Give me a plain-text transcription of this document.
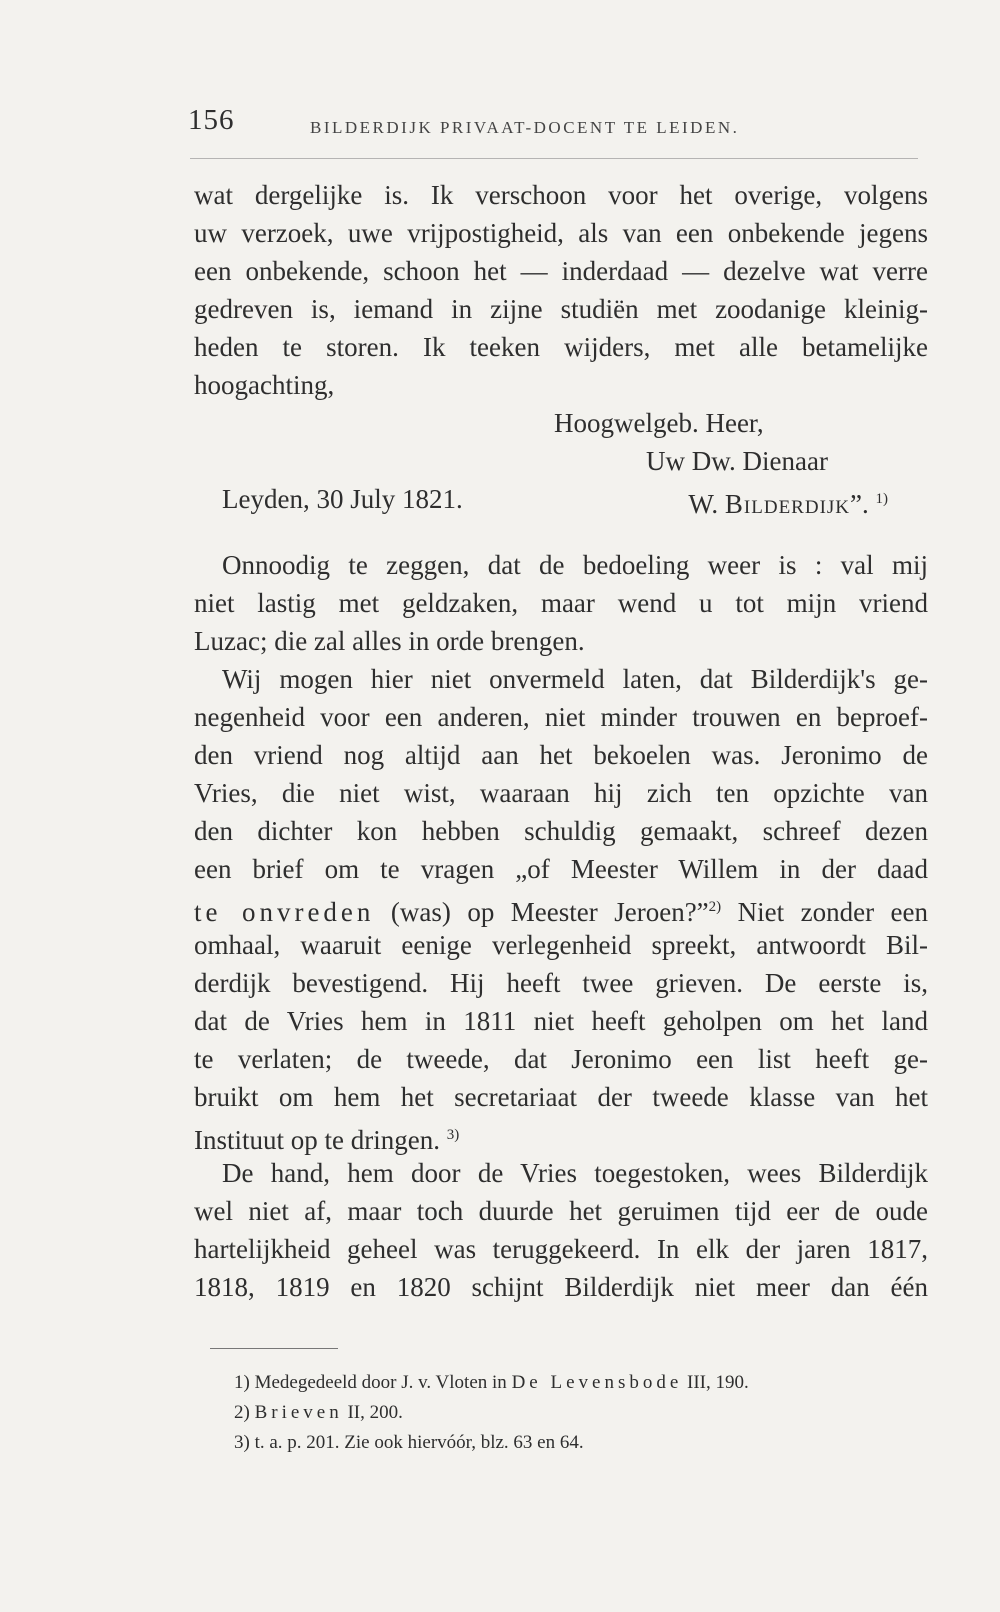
156	BILDERDIJK PRIVAAT-DOCENT TE LEIDEN.
wat dergelijke is. Ik verschoon voor het overige, volgens
uw verzoek, uwe vrijpostigheid, als van een onbekende jegens
een onbekende, schoon het — inderdaad — dezelve wat verre
gedreven is, iemand in zijne studiën met zoodanige kleinig-
heden te storen. Ik teeken wijders, met alle betamelijke
hoogachting,
Hoogwelgeb. Heer,
Uw Dw. Dienaar
Leyden, 30 July 1821.	W. Bilderdijk”. $^{1)}$
Onnoodig te zeggen, dat de bedoeling weer is : val mij
niet lastig met geldzaken, maar wend u tot mijn vriend
Luzac; die zal alles in orde brengen.
Wij mogen hier niet onvermeld laten, dat Bilderdijk's ge-
negenheid voor een anderen, niet minder trouwen en beproef-
den vriend nog altijd aan het bekoelen was. Jeronimo de
Vries, die niet wist, waaraan hij zich ten opzichte van
den dichter kon hebben schuldig gemaakt, schreef dezen
een brief om te vragen „of Meester Willem in der daad
te onvreden (was) op Meester Jeroen?”$^{2)}$ Niet zonder een
omhaal, waaruit eenige verlegenheid spreekt, antwoordt Bil-
derdijk bevestigend. Hij heeft twee grieven. De eerste is,
dat de Vries hem in 1811 niet heeft geholpen om het land
te verlaten; de tweede, dat Jeronimo een list heeft ge-
bruikt om hem het secretariaat der tweede klasse van het
Instituut op te dringen. $^{3)}$
De hand, hem door de Vries toegestoken, wees Bilderdijk
wel niet af, maar toch duurde het geruimen tijd eer de oude
hartelijkheid geheel was teruggekeerd. In elk der jaren 1817,
1818, 1819 en 1820 schijnt Bilderdijk niet meer dan één
1) Medegedeeld door J. v. Vloten in De Levensbode III, 190.
2) Brieven II, 200.
3) t. a. p. 201. Zie ook hiervóór, blz. 63 en 64.
